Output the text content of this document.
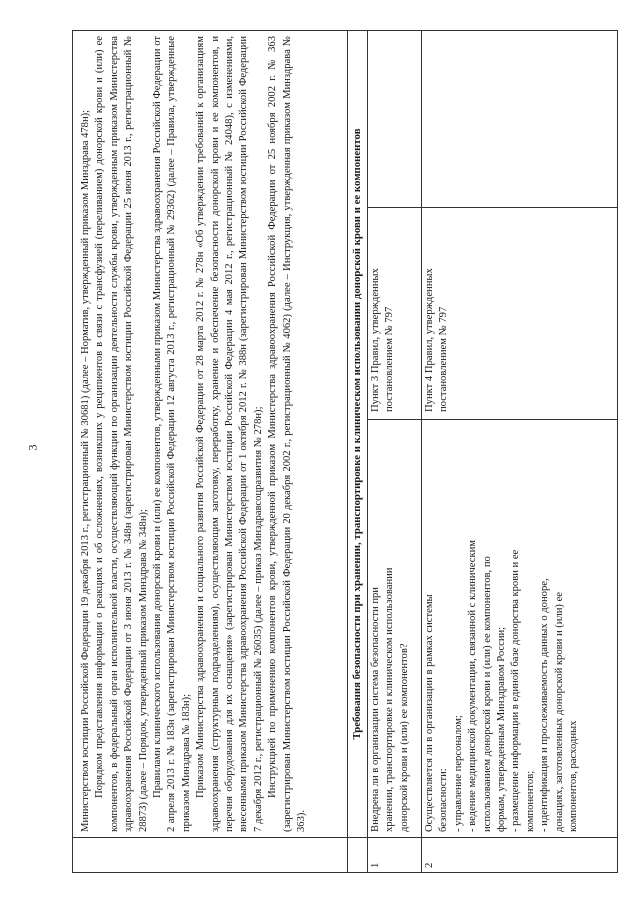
3	Министерством юстиции Российской Федерации 19 декабря 2013 г., регистрационный № 30681) (далее – Норматив, утвержденный приказом Минздрава 478н); Порядком представления информации о реакциях и об осложнениях, возникших у реципиентов в связи с трансфузией (переливанием) донорской крови и (или) ее компонентов, в федеральный орган исполнительной власти, осуществляющий функции по организации деятельности службы крови, утвержденным приказом Министерства здравоохранения Российской Федерации от 3 июня 2013 г. № 348н (зарегистрирован Министерством юстиции Российской Федерации 25 июня 2013 г., регистрационный № 28873) (далее – Порядок, утвержденный приказом Минздрава № 348н); Правилами клинического использования донорской крови и (или) ее компонентов, утвержденными приказом Министерства здравоохранения Российской Федерации от 2 апреля 2013 г. № 183н (зарегистрирован Министерством юстиции Российской Федерации 12 августа 2013 г., регистрационный № 29362) (далее – Правила, утвержденные приказом Минздрава № 183н); Приказом Министерства здравоохранения и социального развития Российской Федерации от 28 марта 2012 г. № 278н «Об утверждении требований к организациям здравоохранения (структурным подразделениям), осуществляющим заготовку, переработку, хранение и обеспечение безопасности донорской крови и ее компонентов, и перечня оборудования для их оснащения» (зарегистрирован Министерством юстиции Российской Федерации 4 мая 2012 г., регистрационный № 24048), с изменениями, внесенными приказом Министерства здравоохранения Российской Федерации от 1 октября 2012 г. № 388н (зарегистрирован Министерством юстиции Российской Федерации 7 декабря 2012 г., регистрационный № 26035) (далее – приказ Минздравсоцразвития № 278н); Инструкцией по применению компонентов крови, утвержденной приказом Министерства здравоохранения Российской Федерации от 25 ноября 2002 г. № 363 (зарегистрирован Министерством юстиции Российской Федерации 20 декабря 2002 г., регистрационный № 4062) (далее – Инструкция, утвержденная приказом Минздрава № 363).

Требования безопасности при хранении, транспортировке и клиническом использовании донорской крови и ее компонентов
1
Внедрена ли в организации система безопасности при хранении, транспортировке и клиническом использовании донорской крови и (или) ее компонентов?
Пункт 3 Правил, утвержденных постановлением № 797
2
Осуществляется ли в организации в рамках системы безопасности: - управление персоналом; - ведение медицинской документации, связанной с клиническим использованием донорской крови и (или) ее компонентов, по формам, утвержденным Минздравом России; - размещение информации в единой базе донорства крови и ее компонентов; - идентификация и прослеживаемость данных о доноре, донациях, заготовленных донорской крови и (или) ее компонентов, расходных
Пункт 4 Правил, утвержденных постановлением № 797
